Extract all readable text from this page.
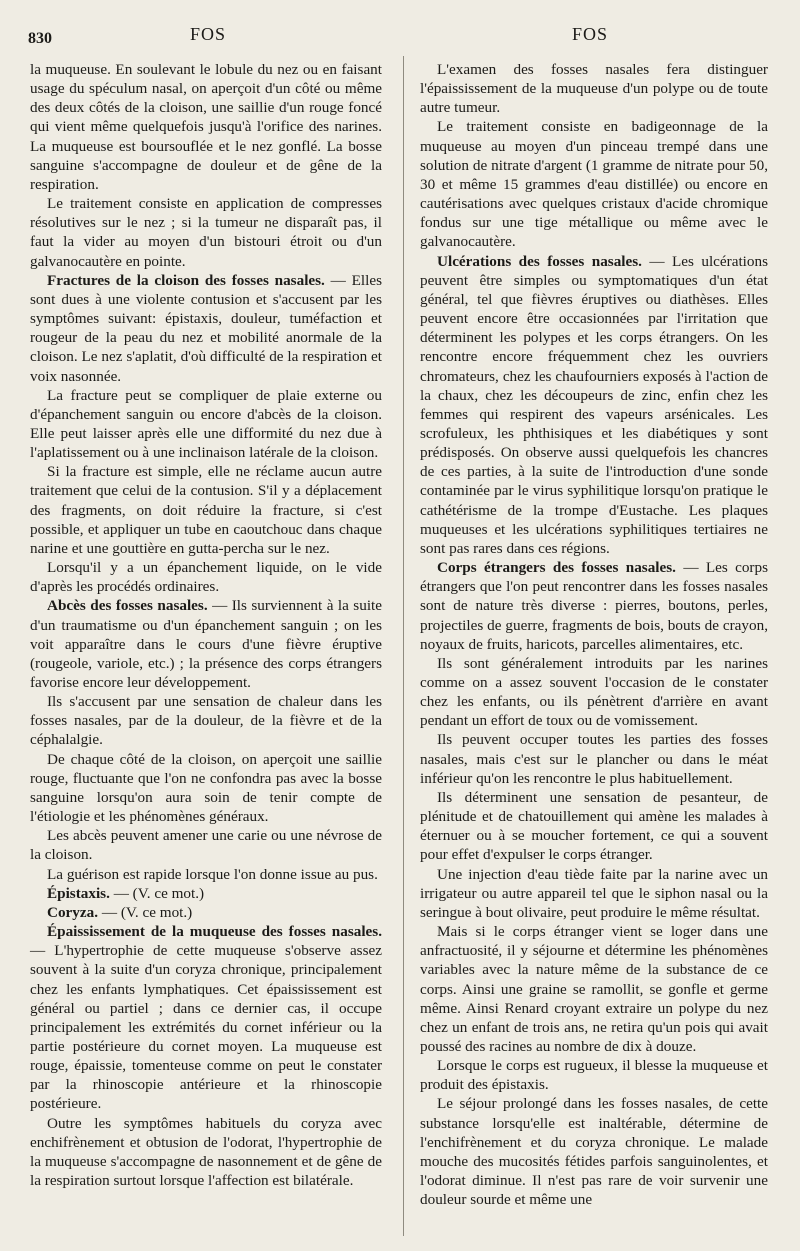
830	FOS	FOS

la muqueuse. En soulevant le lobule du nez ou en faisant usage du spéculum nasal, on aperçoit d'un côté ou même des deux côtés de la cloison, une saillie d'un rouge foncé qui vient même quelquefois jusqu'à l'orifice des narines. La muqueuse est boursouflée et le nez gonflé. La bosse sanguine s'accompagne de douleur et de gêne de la respiration.

Le traitement consiste en application de compresses résolutives sur le nez ; si la tumeur ne disparaît pas, il faut la vider au moyen d'un bistouri étroit ou d'un galvanocautère en pointe.

Fractures de la cloison des fosses nasales. — Elles sont dues à une violente contusion et s'accusent par les symptômes suivant: épistaxis, douleur, tuméfaction et rougeur de la peau du nez et mobilité anormale de la cloison. Le nez s'aplatit, d'où difficulté de la respiration et voix nasonnée.

La fracture peut se compliquer de plaie externe ou d'épanchement sanguin ou encore d'abcès de la cloison. Elle peut laisser après elle une difformité du nez due à l'aplatissement ou à une inclinaison latérale de la cloison.

Si la fracture est simple, elle ne réclame aucun autre traitement que celui de la contusion. S'il y a déplacement des fragments, on doit réduire la fracture, si c'est possible, et appliquer un tube en caoutchouc dans chaque narine et une gouttière en gutta-percha sur le nez.

Lorsqu'il y a un épanchement liquide, on le vide d'après les procédés ordinaires.

Abcès des fosses nasales. — Ils surviennent à la suite d'un traumatisme ou d'un épanchement sanguin ; on les voit apparaître dans le cours d'une fièvre éruptive (rougeole, variole, etc.) ; la présence des corps étrangers favorise encore leur développement.

Ils s'accusent par une sensation de chaleur dans les fosses nasales, par de la douleur, de la fièvre et de la céphalalgie.

De chaque côté de la cloison, on aperçoit une saillie rouge, fluctuante que l'on ne confondra pas avec la bosse sanguine lorsqu'on aura soin de tenir compte de l'étiologie et les phénomènes généraux.

Les abcès peuvent amener une carie ou une névrose de la cloison.

La guérison est rapide lorsque l'on donne issue au pus.

Épistaxis. — (V. ce mot.)

Coryza. — (V. ce mot.)

Épaississement de la muqueuse des fosses nasales. — L'hypertrophie de cette muqueuse s'observe assez souvent à la suite d'un coryza chronique, principalement chez les enfants lymphatiques. Cet épaississement est général ou partiel ; dans ce dernier cas, il occupe principalement les extrémités du cornet inférieur ou la partie postérieure du cornet moyen. La muqueuse est rouge, épaissie, tomenteuse comme on peut le constater par la rhinoscopie antérieure et la rhinoscopie postérieure.

Outre les symptômes habituels du coryza avec enchifrènement et obtusion de l'odorat, l'hypertrophie de la muqueuse s'accompagne de nasonnement et de gêne de la respiration surtout lorsque l'affection est bilatérale.

L'examen des fosses nasales fera distinguer l'épaississement de la muqueuse d'un polype ou de toute autre tumeur.

Le traitement consiste en badigeonnage de la muqueuse au moyen d'un pinceau trempé dans une solution de nitrate d'argent (1 gramme de nitrate pour 50, 30 et même 15 grammes d'eau distillée) ou encore en cautérisations avec quelques cristaux d'acide chromique fondus sur une tige métallique ou même avec le galvanocautère.

Ulcérations des fosses nasales. — Les ulcérations peuvent être simples ou symptomatiques d'un état général, tel que fièvres éruptives ou diathèses. Elles peuvent encore être occasionnées par l'irritation que déterminent les polypes et les corps étrangers. On les rencontre encore fréquemment chez les ouvriers chromateurs, chez les chaufourniers exposés à l'action de la chaux, chez les découpeurs de zinc, enfin chez les femmes qui respirent des vapeurs arsénicales. Les scrofuleux, les phthisiques et les diabétiques y sont prédisposés. On observe aussi quelquefois les chancres de ces parties, à la suite de l'introduction d'une sonde contaminée par le virus syphilitique lorsqu'on pratique le cathétérisme de la trompe d'Eustache. Les plaques muqueuses et les ulcérations syphilitiques tertiaires ne sont pas rares dans ces régions.

Corps étrangers des fosses nasales. — Les corps étrangers que l'on peut rencontrer dans les fosses nasales sont de nature très diverse : pierres, boutons, perles, projectiles de guerre, fragments de bois, bouts de crayon, noyaux de fruits, haricots, parcelles alimentaires, etc.

Ils sont généralement introduits par les narines comme on a assez souvent l'occasion de le constater chez les enfants, ou ils pénètrent d'arrière en avant pendant un effort de toux ou de vomissement.

Ils peuvent occuper toutes les parties des fosses nasales, mais c'est sur le plancher ou dans le méat inférieur qu'on les rencontre le plus habituellement.

Ils déterminent une sensation de pesanteur, de plénitude et de chatouillement qui amène les malades à éternuer ou à se moucher fortement, ce qui a souvent pour effet d'expulser le corps étranger.

Une injection d'eau tiède faite par la narine avec un irrigateur ou autre appareil tel que le siphon nasal ou la seringue à bout olivaire, peut produire le même résultat.

Mais si le corps étranger vient se loger dans une anfractuosité, il y séjourne et détermine les phénomènes variables avec la nature même de la substance de ce corps. Ainsi une graine se ramollit, se gonfle et germe même. Ainsi Renard croyant extraire un polype du nez chez un enfant de trois ans, ne retira qu'un pois qui avait poussé des racines au nombre de dix à douze.

Lorsque le corps est rugueux, il blesse la muqueuse et produit des épistaxis.

Le séjour prolongé dans les fosses nasales, de cette substance lorsqu'elle est inaltérable, détermine de l'enchifrènement et du coryza chronique. Le malade mouche des mucosités fétides parfois sanguinolentes, et l'odorat diminue. Il n'est pas rare de voir survenir une douleur sourde et même une
